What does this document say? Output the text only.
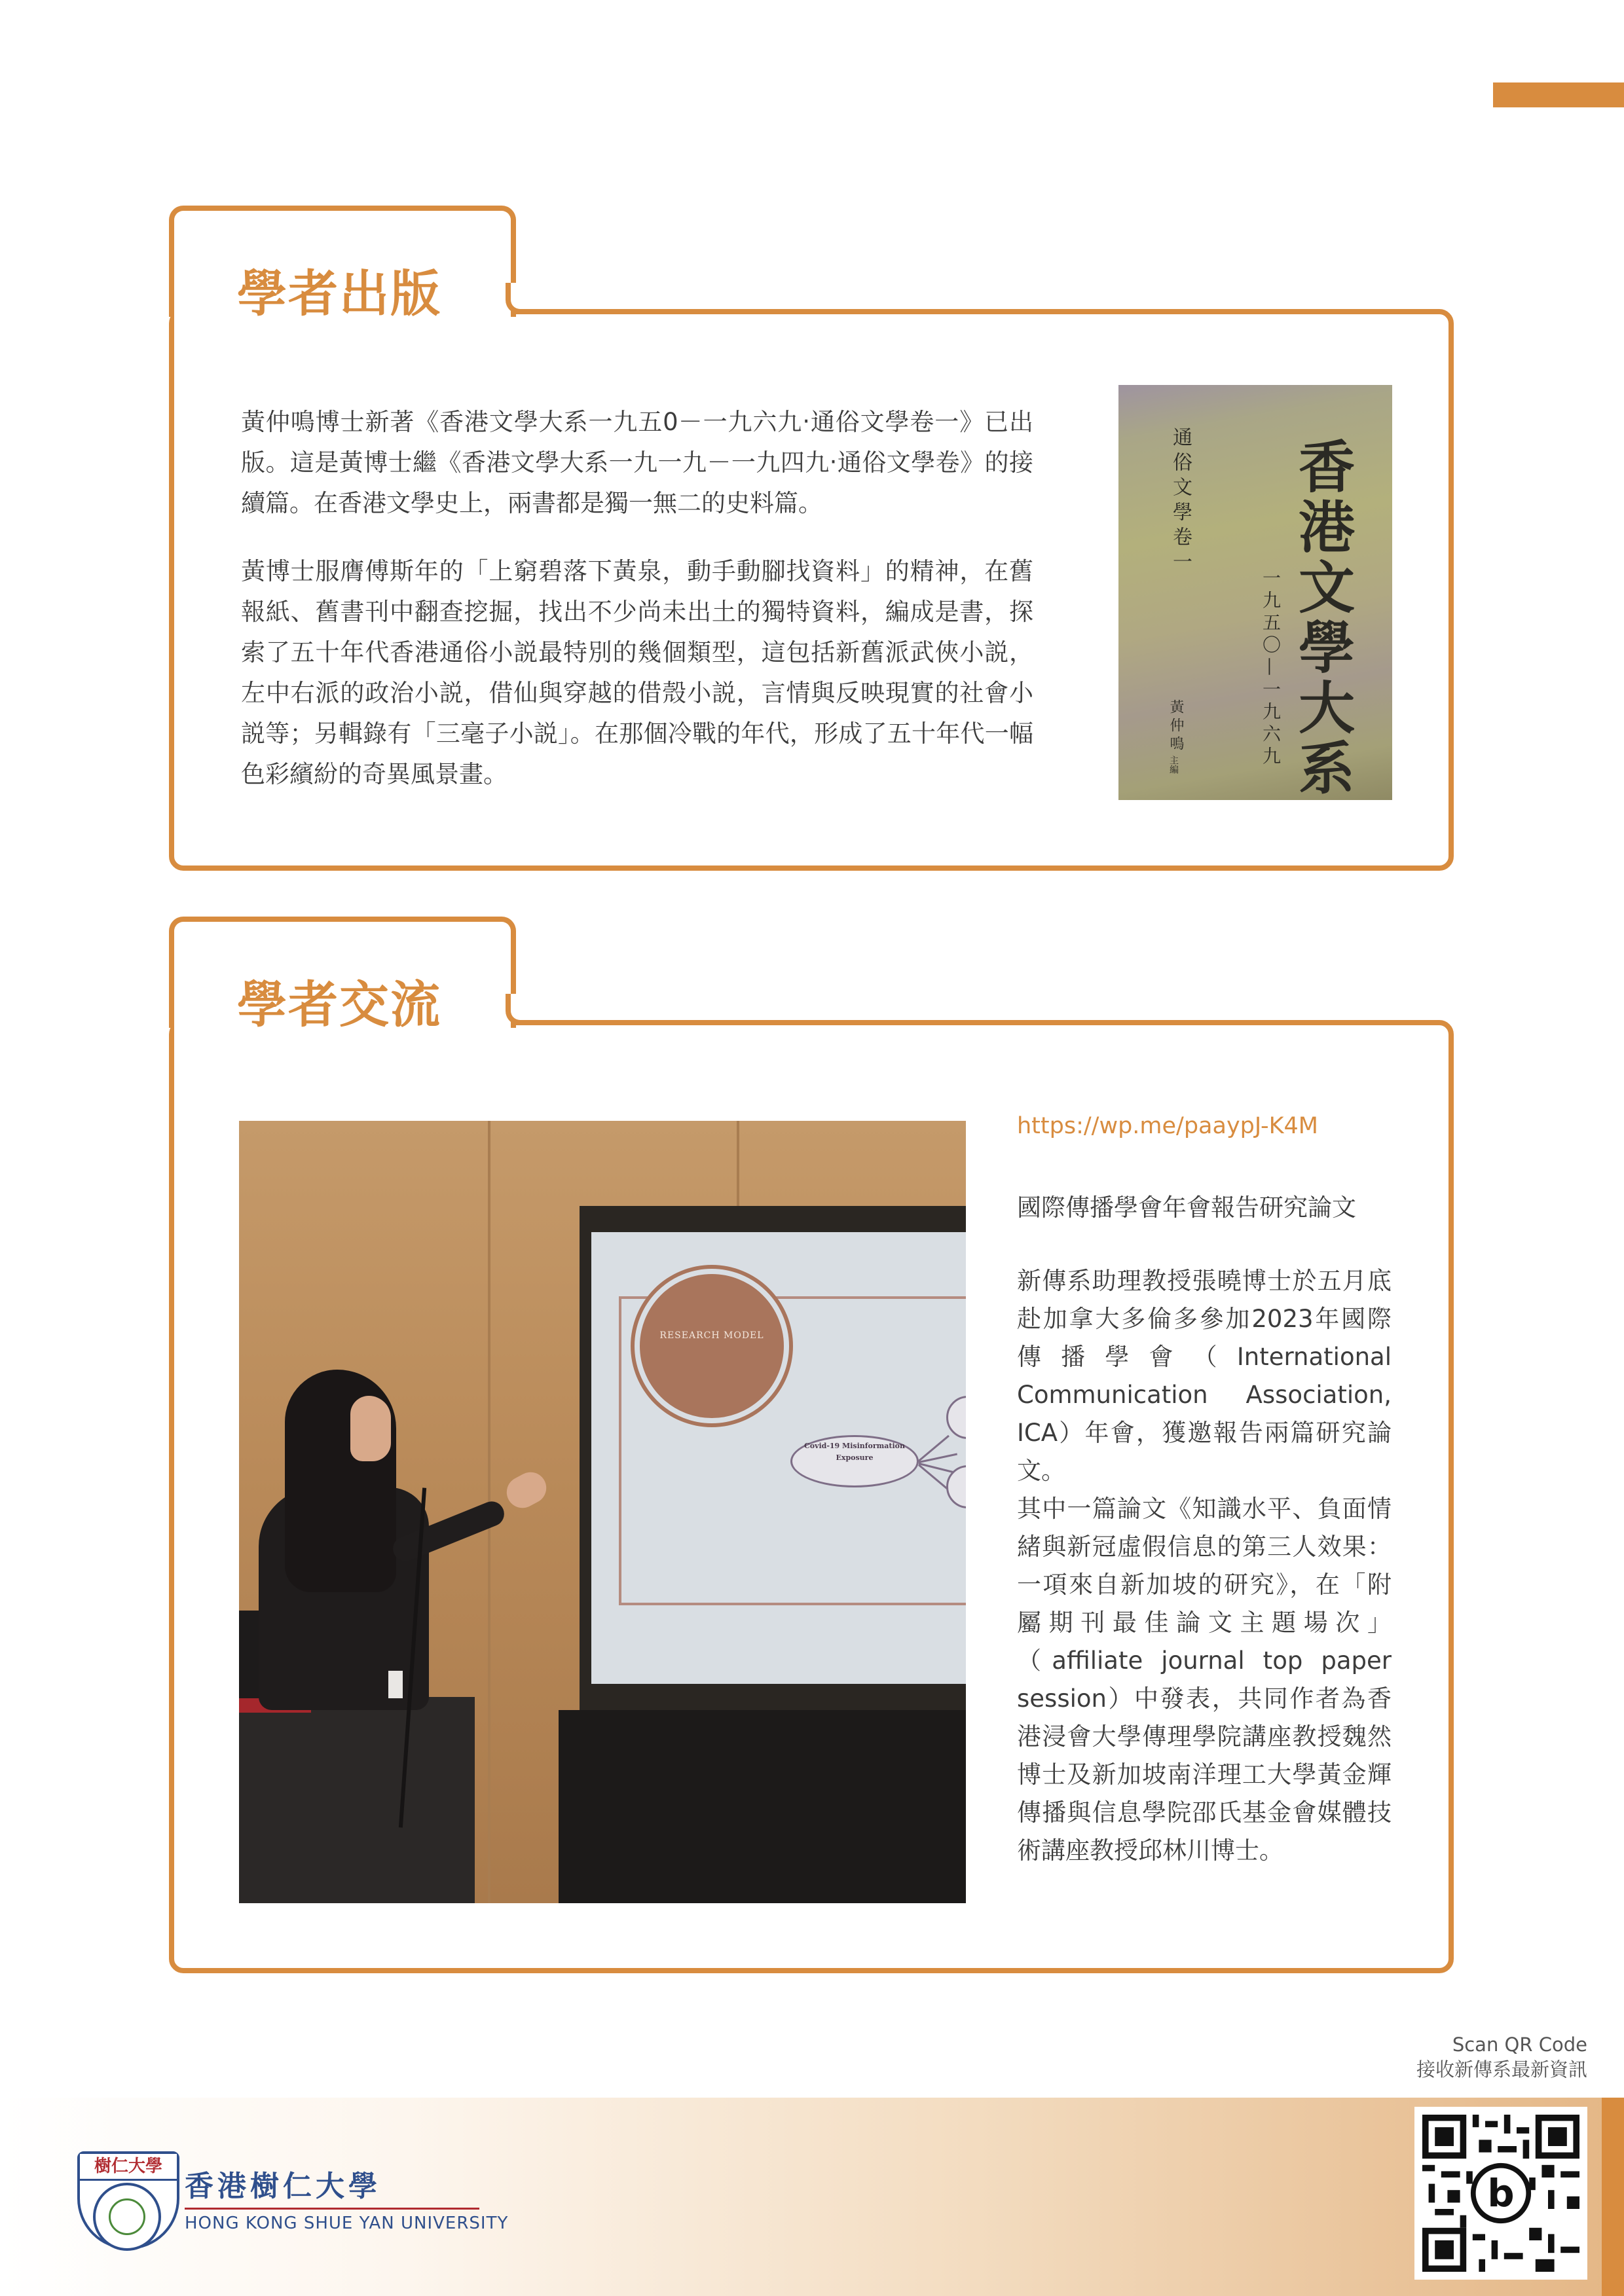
學者出版

黃仲鳴博士新著《香港文學大系一九五0－一九六九‧通俗文學卷一》已出版。這是黃博士繼《香港文學大系一九一九－一九四九‧通俗文學卷》的接續篇。在香港文學史上，兩書都是獨一無二的史料篇。

黃博士服膺傅斯年的「上窮碧落下黃泉，動手動腳找資料」的精神，在舊報紙、舊書刊中翻查挖掘，找出不少尚未出土的獨特資料，編成是書，探索了五十年代香港通俗小説最特別的幾個類型，這包括新舊派武俠小説，左中右派的政治小説，借仙與穿越的借殼小説，言情與反映現實的社會小説等；另輯錄有「三毫子小説」。在那個冷戰的年代，形成了五十年代一幅色彩繽紛的奇異風景畫。

通俗文學卷一 香港文學大系
一九五〇—一九六九
黃仲鳴
主編
學者交流
RESEARCH MODEL
Covid-19 Misinformation Exposure

https://wp.me/paaypJ-K4M

國際傳播學會年會報告研究論文

新傳系助理教授張曉博士於五月底赴加拿大多倫多參加2023年國際傳播學會（International Communication Association, ICA）年會，獲邀報告兩篇研究論文。

其中一篇論文《知識水平、負面情緒與新冠虛假信息的第三人效果：一項來自新加坡的研究》，在「附屬期刊最佳論文主題場次」（affiliate journal top paper session）中發表，共同作者為香港浸會大學傳理學院講座教授魏然博士及新加坡南洋理工大學黃金輝傳播與信息學院邵氏基金會媒體技術講座教授邱林川博士。

Scan QR Code
接收新傳系最新資訊
b
樹仁大學

香港樹仁大學

HONG KONG SHUE YAN UNIVERSITY
